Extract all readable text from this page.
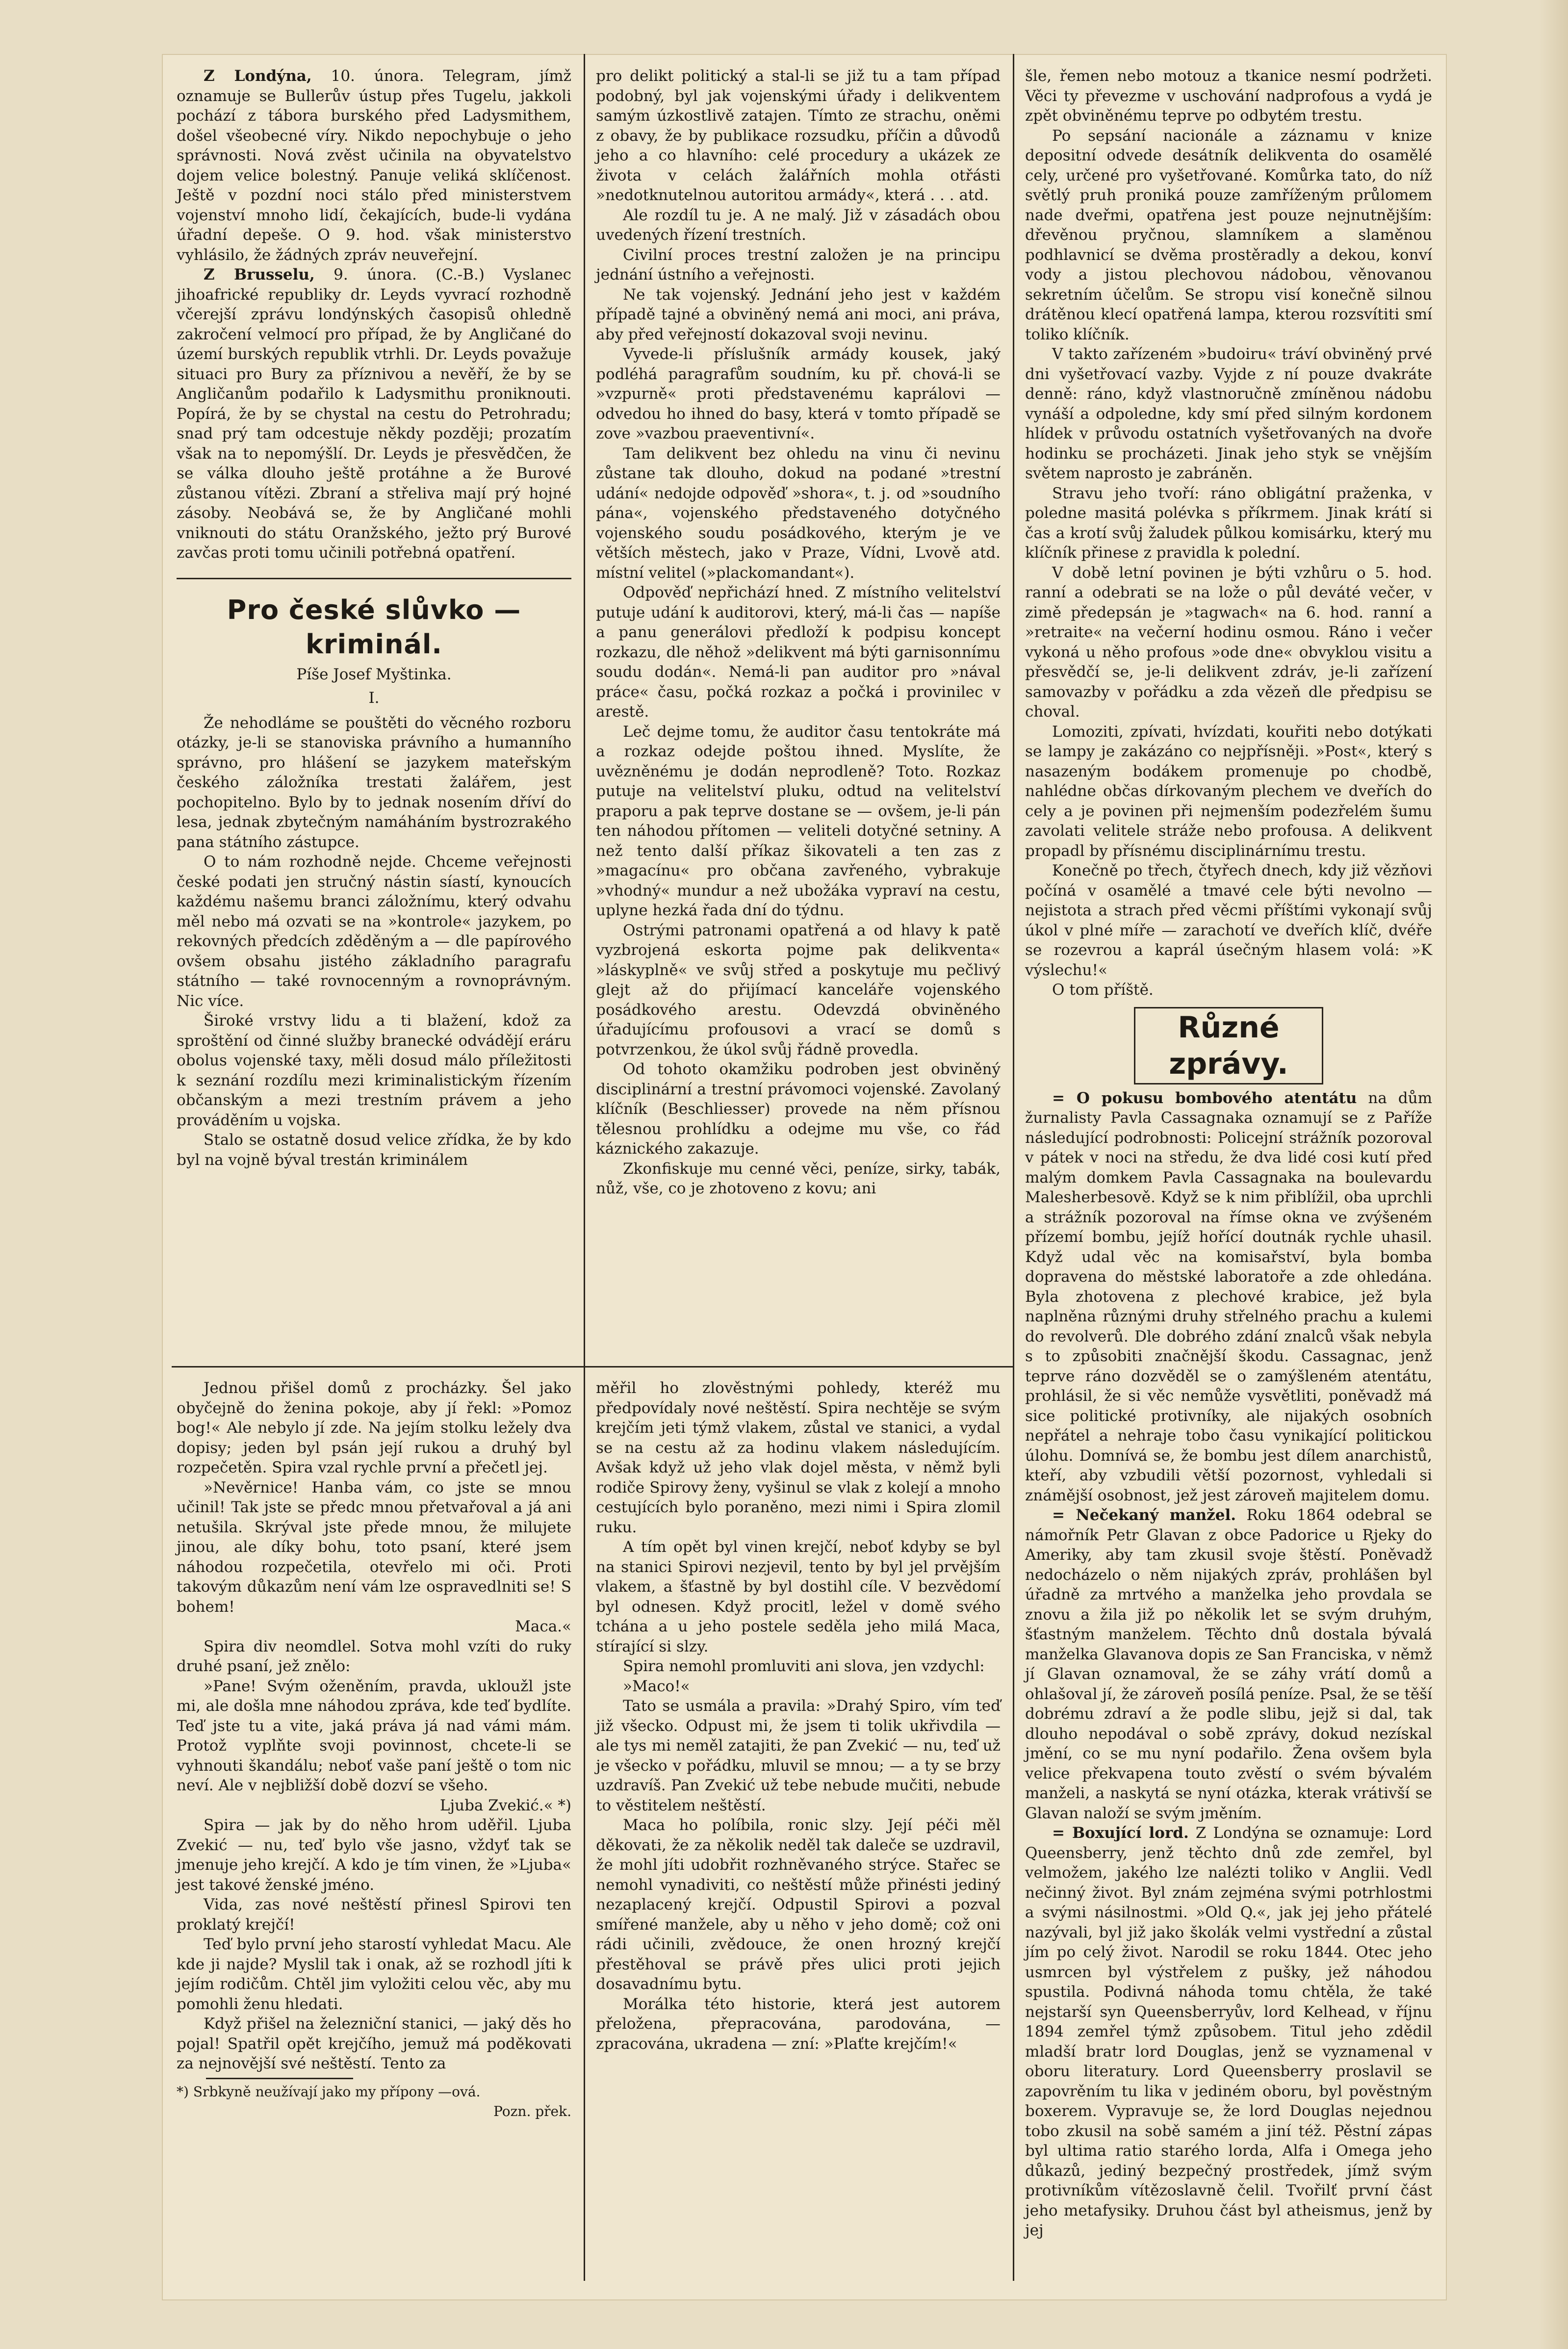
Z Londýna, 10. února. Telegram, jímž oznamuje se Bullerův ústup přes Tugelu, jakkoli pochází z tábora burského před Ladysmithem, došel všeobecné víry. Nikdo nepochybuje o jeho správnosti. Nová zvěst učinila na obyvatelstvo dojem velice bolestný. Panuje veliká sklíčenost. Ještě v pozdní noci stálo před ministerstvem vojenství mnoho lidí, čekajících, bude-li vydána úřadní depeše. O 9. hod. však ministerstvo vyhlásilo, že žádných zpráv neuveřejní.

Z Brusselu, 9. února. (C.-B.) Vyslanec jihoafrické republiky dr. Leyds vyvrací rozhodně včerejší zprávu londýnských časopisů ohledně zakročení velmocí pro případ, že by Angličané do území burských republik vtrhli. Dr. Leyds považuje situaci pro Bury za příznivou a nevěří, že by se Angličanům podařilo k Ladysmithu proniknouti. Popírá, že by se chystal na cestu do Petrohradu; snad prý tam odcestuje někdy později; prozatím však na to nepomýšlí. Dr. Leyds je přesvědčen, že se válka dlouho ještě protáhne a že Burové zůstanou vítězi. Zbraní a střeliva mají prý hojné zásoby. Neobává se, že by Angličané mohli vniknouti do státu Oranžského, ježto prý Burové zavčas proti tomu učinili potřebná opatření.

Pro české slůvko — kriminál.
Píše Josef Myštinka.
I.

Že nehodláme se pouštěti do věcného rozboru otázky, je-li se stanoviska právního a humanního správno, pro hlášení se jazykem mateřským českého záložníka trestati žalářem, jest pochopitelno. Bylo by to jednak nosením dříví do lesa, jednak zbytečným namáháním bystrozrakého pana státního zástupce.

O to nám rozhodně nejde. Chceme veřejnosti české podati jen stručný nástin síastí, kynoucích každému našemu branci záložnímu, který odvahu měl nebo má ozvati se na »kontrole« jazykem, po rekovných předcích zděděným a — dle papírového ovšem obsahu jistého základního paragrafu státního — také rovnocenným a rovnoprávným. Nic více.

Široké vrstvy lidu a ti blažení, kdož za sproštění od činné služby branecké odvádějí eráru obolus vojenské taxy, měli dosud málo příležitosti k seznání rozdílu mezi kriminalistickým řízením občanským a mezi trestním právem a jeho prováděním u vojska.

Stalo se ostatně dosud velice zřídka, že by kdo byl na vojně býval trestán kriminálem

pro delikt politický a stal-li se již tu a tam případ podobný, byl jak vojenskými úřady i delikventem samým úzkostlivě zatajen. Tímto ze strachu, oněmi z obavy, že by publikace rozsudku, příčin a důvodů jeho a co hlavního: celé procedury a ukázek ze života v celách žalářních mohla otřásti »nedotknutelnou autoritou armády«, která . . . atd.

Ale rozdíl tu je. A ne malý. Již v zásadách obou uvedených řízení trestních.

Civilní proces trestní založen je na principu jednání ústního a veřejnosti.

Ne tak vojenský. Jednání jeho jest v každém případě tajné a obviněný nemá ani moci, ani práva, aby před veřejností dokazoval svoji nevinu.

Vyvede-li příslušník armády kousek, jaký podléhá paragrafům soudním, ku př. chová-li se »vzpurně« proti představenému kaprálovi — odvedou ho ihned do basy, která v tomto případě se zove »vazbou praeventivní«.

Tam delikvent bez ohledu na vinu či nevinu zůstane tak dlouho, dokud na podané »trestní udání« nedojde odpověď »shora«, t. j. od »soudního pána«, vojenského představeného dotyčného vojenského soudu posádkového, kterým je ve větších městech, jako v Praze, Vídni, Lvově atd. místní velitel (»plackomandant«).

Odpověď nepřichází hned. Z místního velitelství putuje udání k auditorovi, který, má-li čas — napíše a panu generálovi předloží k podpisu koncept rozkazu, dle něhož »delikvent má býti garnisonnímu soudu dodán«. Nemá-li pan auditor pro »nával práce« času, počká rozkaz a počká i provinilec v arestě.

Leč dejme tomu, že auditor času tentokráte má a rozkaz odejde poštou ihned. Myslíte, že uvězněnému je dodán neprodleně? Toto. Rozkaz putuje na velitelství pluku, odtud na velitelství praporu a pak teprve dostane se — ovšem, je-li pán ten náhodou přítomen — veliteli dotyčné setniny. A než tento další příkaz šikovateli a ten zas z »magacínu« pro občana zavřeného, vybrakuje »vhodný« mundur a než ubožáka vypraví na cestu, uplyne hezká řada dní do týdnu.

Ostrými patronami opatřená a od hlavy k patě vyzbrojená eskorta pojme pak delikventa« »láskyplně« ve svůj střed a poskytuje mu pečlivý glejt až do přijímací kanceláře vojenského posádkového arestu. Odevzdá obviněného úřadujícímu profousovi a vrací se domů s potvrzenkou, že úkol svůj řádně provedla.

Od tohoto okamžiku podroben jest obviněný disciplinární a trestní právomoci vojenské. Zavolaný klíčník (Beschliesser) provede na něm přísnou tělesnou prohlídku a odejme mu vše, co řád káznického zakazuje.

Zkonfiskuje mu cenné věci, peníze, sirky, tabák, nůž, vše, co je zhotoveno z kovu; ani

Jednou přišel domů z procházky. Šel jako obyčejně do ženina pokoje, aby jí řekl: »Pomoz bog!« Ale nebylo jí zde. Na jejím stolku ležely dva dopisy; jeden byl psán její rukou a druhý byl rozpečetěn. Spira vzal rychle první a přečetl jej.

»Nevěrnice! Hanba vám, co jste se mnou učinil! Tak jste se předc mnou přetvařoval a já ani netušila. Skrýval jste přede mnou, že milujete jinou, ale díky bohu, toto psaní, které jsem náhodou rozpečetila, otevřelo mi oči. Proti takovým důkazům není vám lze ospravedlniti se! S bohem!

Maca.«

Spira div neomdlel. Sotva mohl vzíti do ruky druhé psaní, jež znělo:

»Pane! Svým oženěním, pravda, ukloužl jste mi, ale došla mne náhodou zpráva, kde teď bydlíte. Teď jste tu a vite, jaká práva já nad vámi mám. Protož vyplňte svoji povinnost, chcete-li se vyhnouti škandálu; neboť vaše paní ještě o tom nic neví. Ale v nejbližší době dozví se všeho.

Ljuba Zvekić.« *)

Spira — jak by do něho hrom uděřil. Ljuba Zvekić — nu, teď bylo vše jasno, vždyť tak se jmenuje jeho krejčí. A kdo je tím vinen, že »Ljuba« jest takové ženské jméno.

Vida, zas nové neštěstí přinesl Spirovi ten proklatý krejčí!

Teď bylo první jeho starostí vyhledat Macu. Ale kde ji najde? Myslil tak i onak, až se rozhodl jíti k jejím rodičům. Chtěl jim vyložiti celou věc, aby mu pomohli ženu hledati.

Když přišel na železniční stanici, — jaký děs ho pojal! Spatřil opět krejčího, jemuž má poděkovati za nejnovější své neštěstí. Tento za

*) Srbkyně neužívají jako my přípony —ová.

Pozn. přek.

měřil ho zlověstnými pohledy, kteréž mu předpovídaly nové neštěstí. Spira nechtěje se svým krejčím jeti týmž vlakem, zůstal ve stanici, a vydal se na cestu až za hodinu vlakem následujícím. Avšak když už jeho vlak dojel města, v němž byli rodiče Spirovy ženy, vyšinul se vlak z kolejí a mnoho cestujících bylo poraněno, mezi nimi i Spira zlomil ruku.

A tím opět byl vinen krejčí, neboť kdyby se byl na stanici Spirovi nezjevil, tento by byl jel prvějším vlakem, a šťastně by byl dostihl cíle. V bezvědomí byl odnesen. Když procitl, ležel v domě svého tchána a u jeho postele seděla jeho milá Maca, stírající si slzy.

Spira nemohl promluviti ani slova, jen vzdychl:

»Maco!«

Tato se usmála a pravila: »Drahý Spiro, vím teď již všecko. Odpust mi, že jsem ti tolik ukřivdila — ale tys mi neměl zatajiti, že pan Zvekić — nu, teď už je všecko v pořádku, mluvil se mnou; — a ty se brzy uzdravíš. Pan Zvekić už tebe nebude mučiti, nebude to věstitelem neštěstí.

Maca ho políbila, ronic slzy. Její péči měl děkovati, že za několik neděl tak daleče se uzdravil, že mohl jíti udobřit rozhněvaného strýce. Stařec se nemohl vynadiviti, co neštěstí může přinésti jediný nezaplacený krejčí. Odpustil Spirovi a pozval smířené manžele, aby u něho v jeho domě; což oni rádi učinili, zvědouce, že onen hrozný krejčí přestěhoval se právě přes ulici proti jejich dosavadnímu bytu.

Morálka této historie, která jest autorem přeložena, přepracována, parodována, — zpracována, ukradena — zní: »Plaťte krejčím!«

šle, řemen nebo motouz a tkanice nesmí podržeti. Věci ty převezme v uschování nadprofous a vydá je zpět obviněnému teprve po odbytém trestu.

Po sepsání nacionále a záznamu v knize depositní odvede desátník delikventa do osamělé cely, určené pro vyšetřované. Komůrka tato, do níž světlý pruh proniká pouze zamříženým průlomem nade dveřmi, opatřena jest pouze nejnutnějším: dřevěnou pryčnou, slamníkem a slaměnou podhlavnicí se dvěma prostěradly a dekou, konví vody a jistou plechovou nádobou, věnovanou sekretním účelům. Se stropu visí konečně silnou drátěnou klecí opatřená lampa, kterou rozsvítiti smí toliko klíčník.

V takto zařízeném »budoiru« tráví obviněný prvé dni vyšetřovací vazby. Vyjde z ní pouze dvakráte denně: ráno, když vlastnoručně zmíněnou nádobu vynáší a odpoledne, kdy smí před silným kordonem hlídek v průvodu ostatních vyšetřovaných na dvoře hodinku se procházeti. Jinak jeho styk se vnějším světem naprosto je zabráněn.

Stravu jeho tvoří: ráno obligátní praženka, v poledne masitá polévka s příkrmem. Jinak krátí si čas a krotí svůj žaludek půlkou komisárku, který mu klíčník přinese z pravidla k polední.

V době letní povinen je býti vzhůru o 5. hod. ranní a odebrati se na lože o půl deváté večer, v zimě předepsán je »tagwach« na 6. hod. ranní a »retraite« na večerní hodinu osmou. Ráno i večer vykoná u něho profous »ode dne« obvyklou visitu a přesvědčí se, je-li delikvent zdráv, je-li zařízení samovazby v pořádku a zda vězeň dle předpisu se choval.

Lomoziti, zpívati, hvízdati, kouřiti nebo dotýkati se lampy je zakázáno co nejpřísněji. »Post«, který s nasazeným bodákem promenuje po chodbě, nahlédne občas dírkovaným plechem ve dveřích do cely a je povinen při nejmenším podezřelém šumu zavolati velitele stráže nebo profousa. A delikvent propadl by přísnému disciplinárnímu trestu.

Konečně po třech, čtyřech dnech, kdy již vězňovi počíná v osamělé a tmavé cele býti nevolno — nejistota a strach před věcmi příštími vykonají svůj úkol v plné míře — zarachotí ve dveřích klíč, dvéře se rozevrou a kaprál úsečným hlasem volá: »K výslechu!«

O tom příště.

Různé zprávy.

= O pokusu bombového atentátu na dům žurnalisty Pavla Cassagnaka oznamují se z Paříže následující podrobnosti: Policejní strážník pozoroval v pátek v noci na středu, že dva lidé cosi kutí před malým domkem Pavla Cassagnaka na boulevardu Malesherbesově. Když se k nim přiblížil, oba uprchli a strážník pozoroval na římse okna ve zvýšeném přízemí bombu, jejíž hořící doutnák rychle uhasil. Když udal věc na komisařství, byla bomba dopravena do městské laboratoře a zde ohledána. Byla zhotovena z plechové krabice, jež byla naplněna různými druhy střelného prachu a kulemi do revolverů. Dle dobrého zdání znalců však nebyla s to způsobiti značnější škodu. Cassagnac, jenž teprve ráno dozvěděl se o zamýšleném atentátu, prohlásil, že si věc nemůže vysvětliti, poněvadž má sice politické protivníky, ale nijakých osobních nepřátel a nehraje tobo času vynikající politickou úlohu. Domnívá se, že bombu jest dílem anarchistů, kteří, aby vzbudili větší pozornost, vyhledali si známější osobnost, jež jest zároveň majitelem domu.

= Nečekaný manžel. Roku 1864 odebral se námořník Petr Glavan z obce Padorice u Rjeky do Ameriky, aby tam zkusil svoje štěstí. Poněvadž nedocházelo o něm nijakých zpráv, prohlášen byl úřadně za mrtvého a manželka jeho provdala se znovu a žila již po několik let se svým druhým, šťastným manželem. Těchto dnů dostala bývalá manželka Glavanova dopis ze San Franciska, v němž jí Glavan oznamoval, že se záhy vrátí domů a ohlašoval jí, že zároveň posílá peníze. Psal, že se těší dobrému zdraví a že podle slibu, jejž si dal, tak dlouho nepodával o sobě zprávy, dokud nezískal jmění, co se mu nyní podařilo. Žena ovšem byla velice překvapena touto zvěstí o svém bývalém manželi, a naskytá se nyní otázka, kterak vrátivší se Glavan naloží se svým jměním.

= Boxující lord. Z Londýna se oznamuje: Lord Queensberry, jenž těchto dnů zde zemřel, byl velmožem, jakého lze nalézti toliko v Anglii. Vedl nečinný život. Byl znám zejména svými potrhlostmi a svými násilnostmi. »Old Q.«, jak jej jeho přátelé nazývali, byl již jako školák velmi vystřední a zůstal jím po celý život. Narodil se roku 1844. Otec jeho usmrcen byl výstřelem z pušky, jež náhodou spustila. Podivná náhoda tomu chtěla, že také nejstarší syn Queensberryův, lord Kelhead, v říjnu 1894 zemřel týmž způsobem. Titul jeho zdědil mladší bratr lord Douglas, jenž se vyznamenal v oboru literatury. Lord Queensberry proslavil se zapovrěním tu lika v jediném oboru, byl pověstným boxerem. Vypravuje se, že lord Douglas nejednou tobo zkusil na sobě samém a jiní též. Pěstní zápas byl ultima ratio starého lorda, Alfa i Omega jeho důkazů, jediný bezpečný prostředek, jímž svým protivníkům vítězoslavně čelil. Tvořilť první část jeho metafysiky. Druhou část byl atheismus, jenž by jej
